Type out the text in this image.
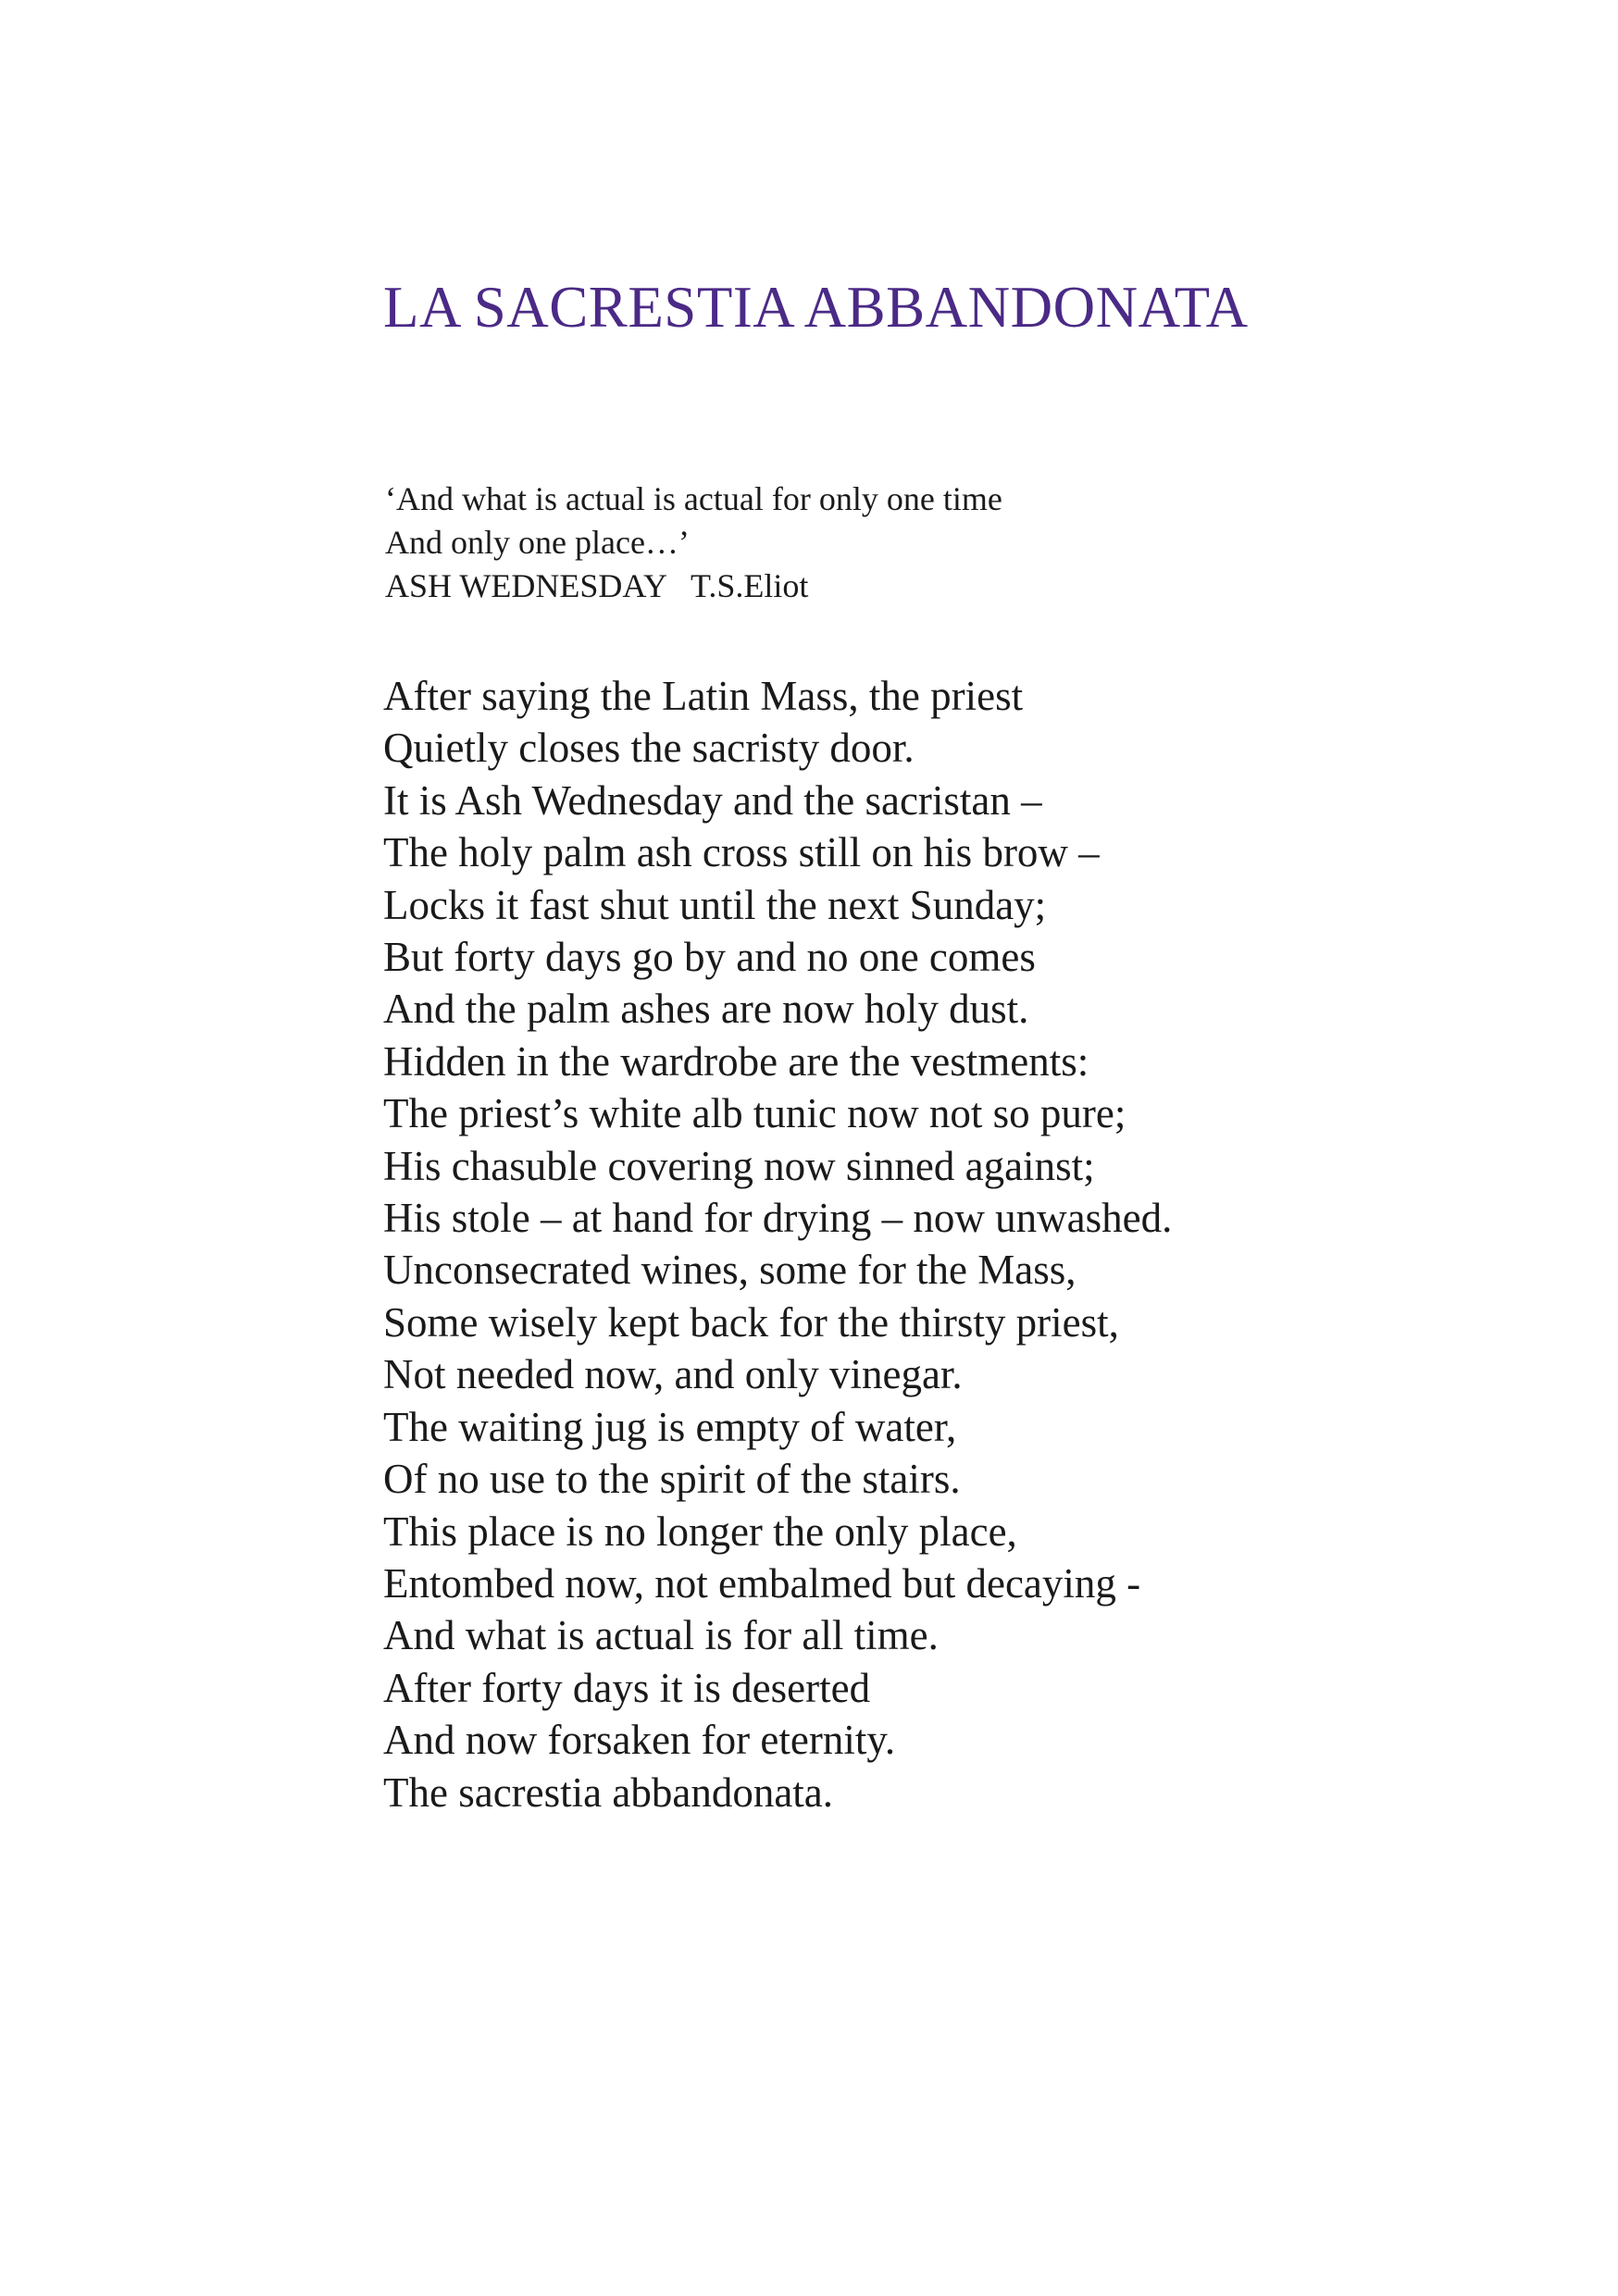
LA SACRESTIA ABBANDONATA
‘And what is actual is actual for only one time
And only one place…’
ASH WEDNESDAY   T.S.Eliot
After saying the Latin Mass, the priest
Quietly closes the sacristy door.
It is Ash Wednesday and the sacristan –
The holy palm ash cross still on his brow –
Locks it fast shut until the next Sunday;
But forty days go by and no one comes
And the palm ashes are now holy dust.
Hidden in the wardrobe are the vestments:
The priest’s white alb tunic now not so pure;
His chasuble covering now sinned against;
His stole – at hand for drying – now unwashed.
Unconsecrated wines, some for the Mass,
Some wisely kept back for the thirsty priest,
Not needed now, and only vinegar.
The waiting jug is empty of water,
Of no use to the spirit of the stairs.
This place is no longer the only place,
Entombed now, not embalmed but decaying -
And what is actual is for all time.
After forty days it is deserted
And now forsaken for eternity.
The sacrestia abbandonata.
